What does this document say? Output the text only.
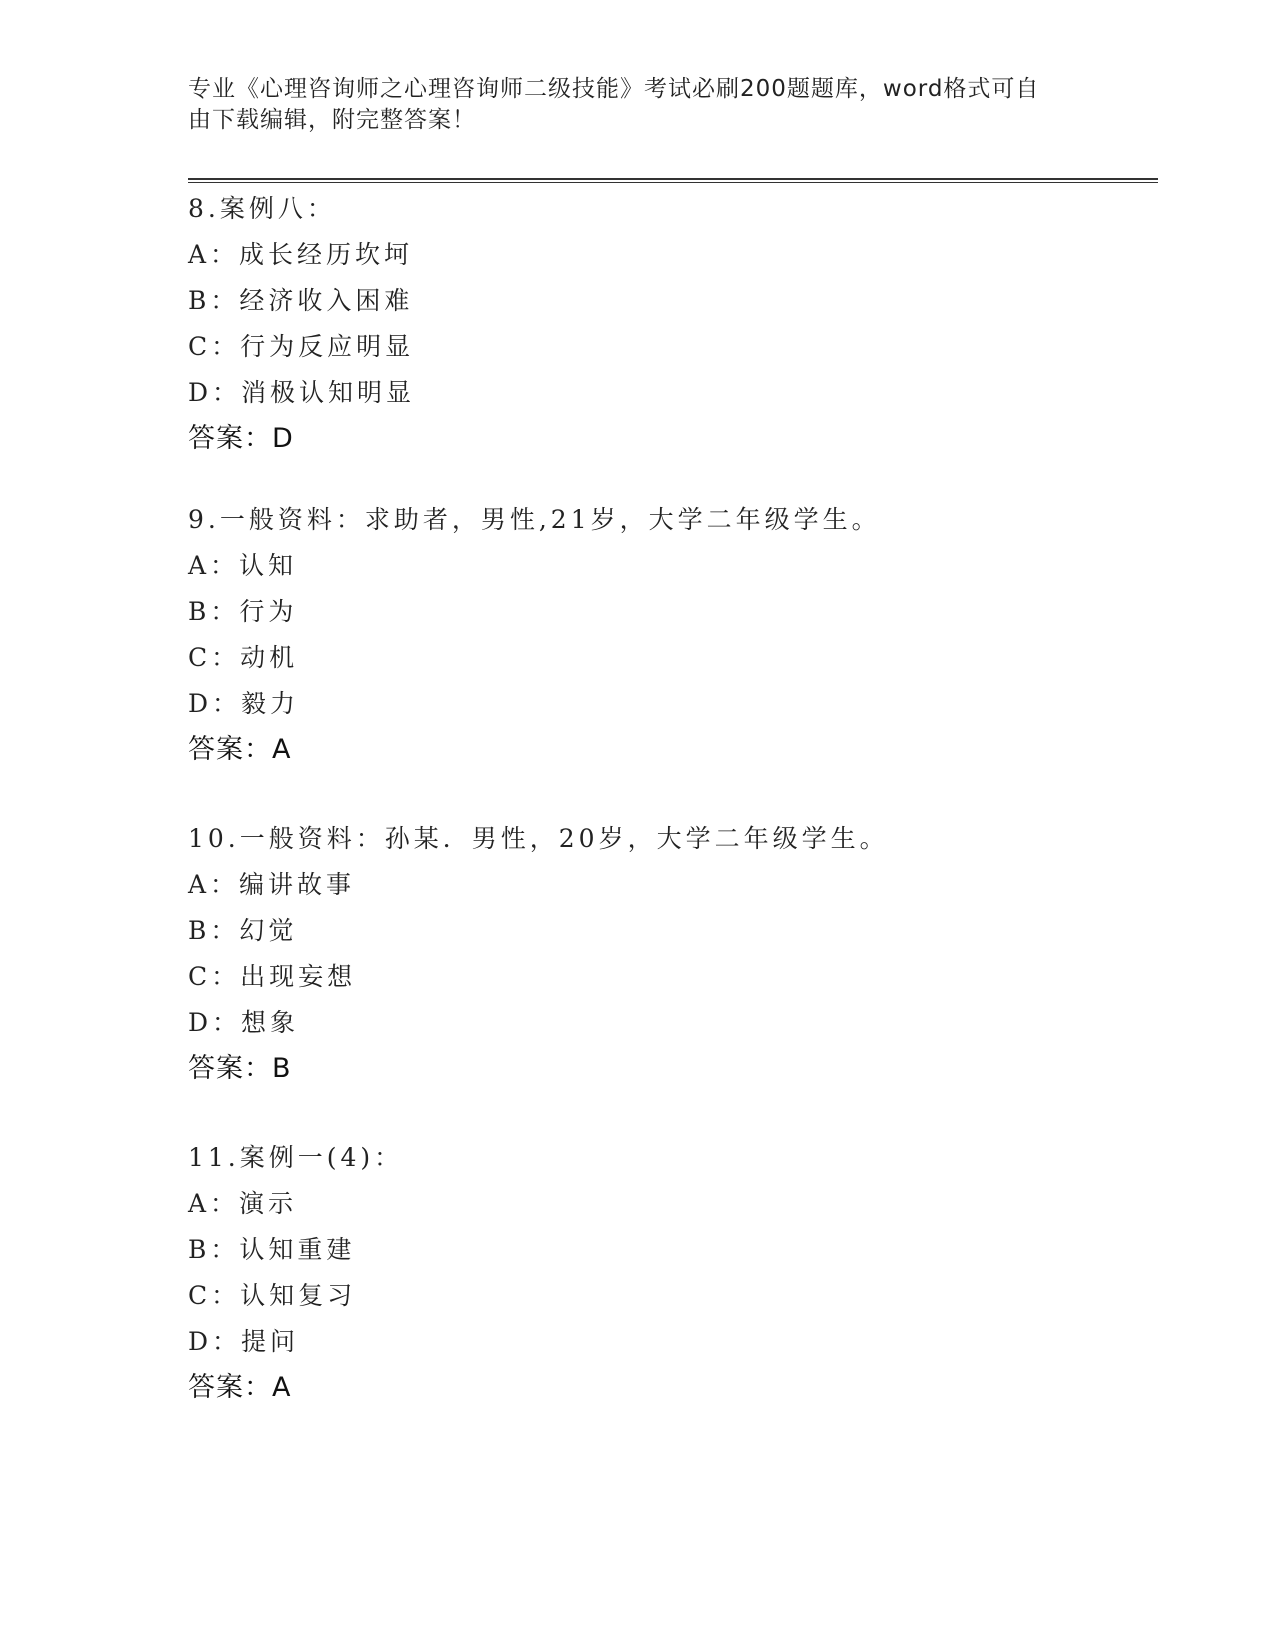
专业《心理咨询师之心理咨询师二级技能》考试必刷200题题库，word格式可自
由下载编辑，附完整答案！
8.案例八：
A：成长经历坎坷
B：经济收入困难
C：行为反应明显
D：消极认知明显
答案：D
9.一般资料：求助者，男性,21岁，大学二年级学生。
A：认知
B：行为
C：动机
D：毅力
答案：A
10.一般资料：孙某．男性，20岁，大学二年级学生。
A：编讲故事
B：幻觉
C：出现妄想
D：想象
答案：B
11.案例一(4)：
A：演示
B：认知重建
C：认知复习
D：提问
答案：A
